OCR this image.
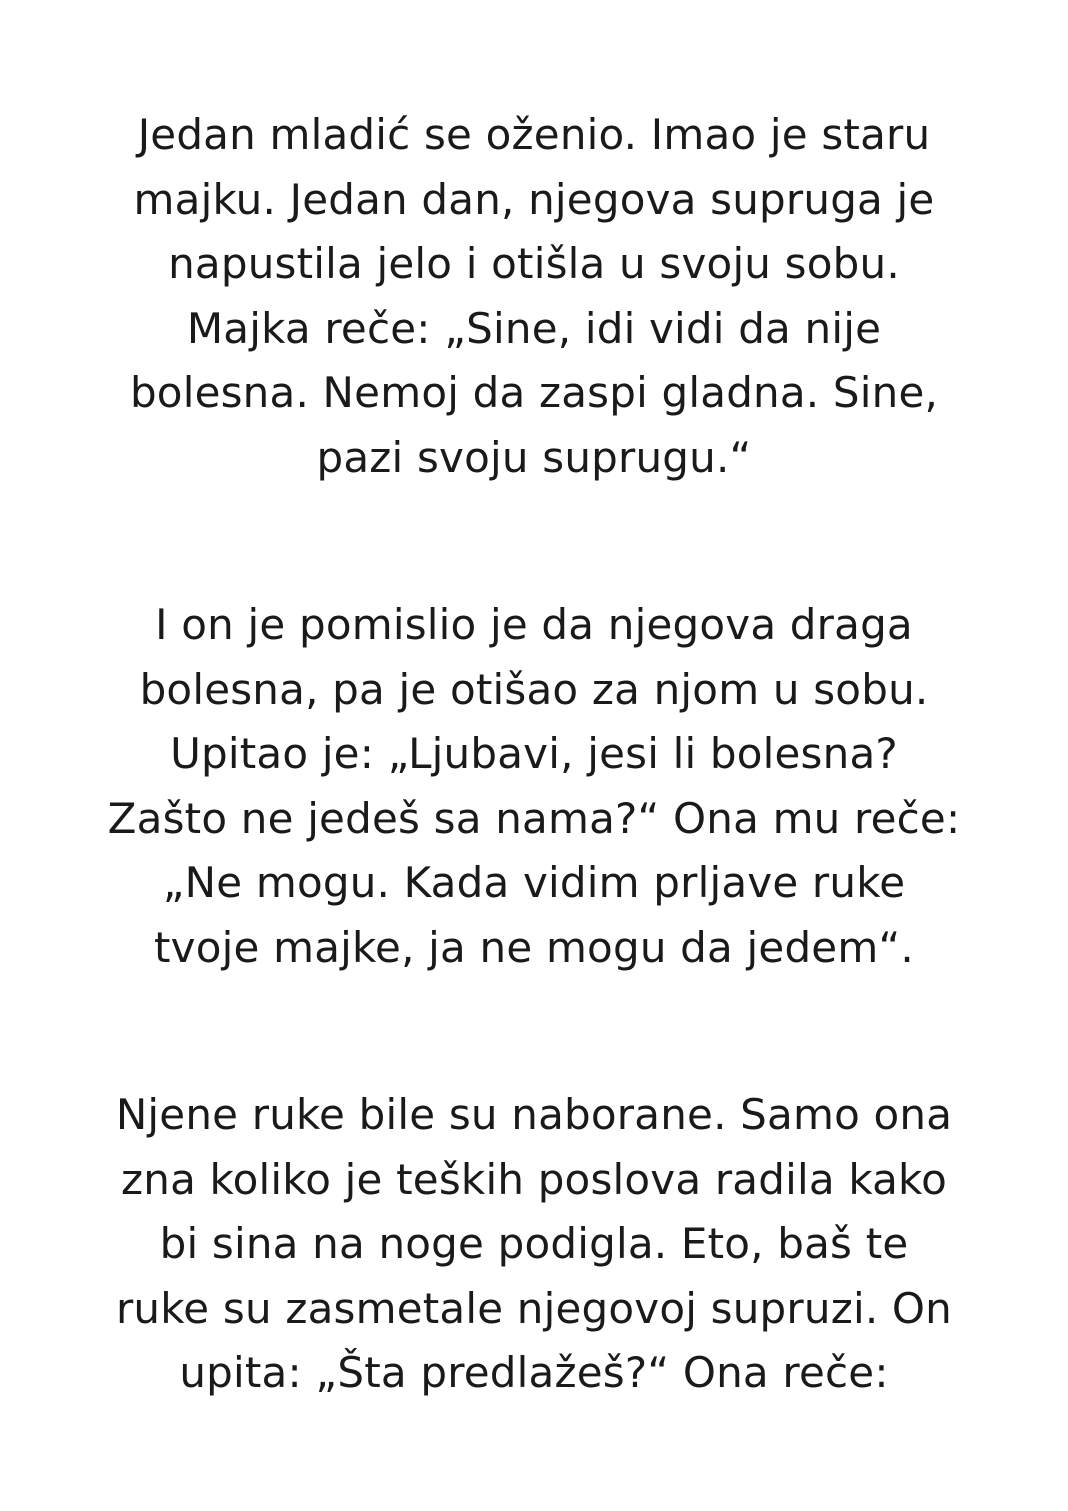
Jedan mladić se oženio. Imao je staru
majku. Jedan dan, njegova supruga je
napustila jelo i otišla u svoju sobu.
Majka reče: „Sine, idi vidi da nije
bolesna. Nemoj da zaspi gladna. Sine,
pazi svoju suprugu.“

I on je pomislio je da njegova draga
bolesna, pa je otišao za njom u sobu.
Upitao je: „Ljubavi, jesi li bolesna?
Zašto ne jedeš sa nama?“ Ona mu reče:
„Ne mogu. Kada vidim prljave ruke
tvoje majke, ja ne mogu da jedem“.

Njene ruke bile su naborane. Samo ona
zna koliko je teških poslova radila kako
bi sina na noge podigla. Eto, baš te
ruke su zasmetale njegovoj supruzi. On
upita: „Šta predlažeš?“ Ona reče:
